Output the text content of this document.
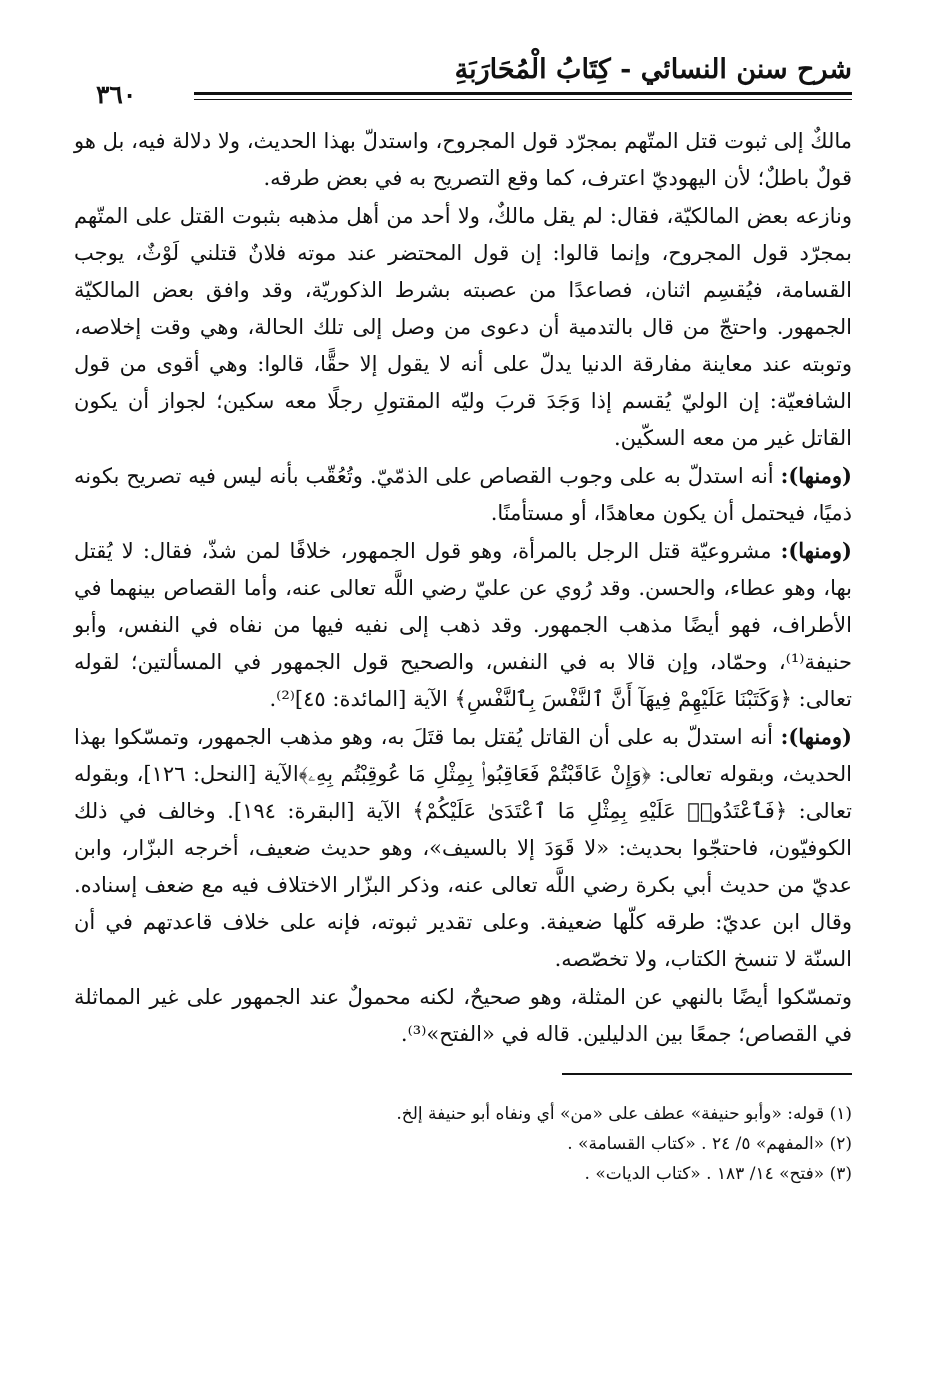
شرح سنن النسائي - كِتَابُ الْمُحَارَبَةِ
٣٦٠

مالكٌ إلى ثبوت قتل المتّهم بمجرّد قول المجروح، واستدلّ بهذا الحديث، ولا دلالة فيه، بل هو قولٌ باطلٌ؛ لأن اليهوديّ اعترف، كما وقع التصريح به في بعض طرقه.

ونازعه بعض المالكيّة، فقال: لم يقل مالكٌ، ولا أحد من أهل مذهبه بثبوت القتل على المتّهم بمجرّد قول المجروح، وإنما قالوا: إن قول المحتضر عند موته فلانٌ قتلني لَوْثٌ، يوجب القسامة، فيُقسِم اثنان، فصاعدًا من عصبته بشرط الذكوريّة، وقد وافق بعض المالكيّة الجمهور. واحتجّ من قال بالتدمية أن دعوى من وصل إلى تلك الحالة، وهي وقت إخلاصه، وتوبته عند معاينة مفارقة الدنيا يدلّ على أنه لا يقول إلا حقًّا، قالوا: وهي أقوى من قول الشافعيّة: إن الوليّ يُقسم إذا وَجَدَ قربَ وليّه المقتولِ رجلًا معه سكين؛ لجواز أن يكون القاتل غير من معه السكّين.

(ومنها): أنه استدلّ به على وجوب القصاص على الذمّيّ. وتُعُقّب بأنه ليس فيه تصريح بكونه ذميًا، فيحتمل أن يكون معاهدًا، أو مستأمنًا.

(ومنها): مشروعيّة قتل الرجل بالمرأة، وهو قول الجمهور، خلافًا لمن شذّ، فقال: لا يُقتل بها، وهو عطاء، والحسن. وقد رُوي عن عليّ رضي اللَّه تعالى عنه، وأما القصاص بينهما في الأطراف، فهو أيضًا مذهب الجمهور. وقد ذهب إلى نفيه فيها من نفاه في النفس، وأبو حنيفة⁽¹⁾، وحمّاد، وإن قالا به في النفس، والصحيح قول الجمهور في المسألتين؛ لقوله تعالى: ﴿وَكَتَبْنَا عَلَيْهِمْ فِيهَآ أَنَّ ٱلنَّفْسَ بِٱلنَّفْسِ﴾ الآية [المائدة: ٤٥]⁽²⁾.

(ومنها): أنه استدلّ به على أن القاتل يُقتل بما قتَلَ به، وهو مذهب الجمهور، وتمسّكوا بهذا الحديث، وبقوله تعالى: ﴿وَإِنْ عَاقَبْتُمْ فَعَاقِبُوا۟ بِمِثْلِ مَا عُوقِبْتُم بِهِۦ﴾الآية [النحل: ١٢٦]، وبقوله تعالى: ﴿فَٱعْتَدُوا۟ عَلَيْهِ بِمِثْلِ مَا ٱعْتَدَىٰ عَلَيْكُمْ﴾ الآية [البقرة: ١٩٤]. وخالف في ذلك الكوفيّون، فاحتجّوا بحديث: «لا قَوَدَ إلا بالسيف»، وهو حديث ضعيف، أخرجه البزّار، وابن عديّ من حديث أبي بكرة رضي اللَّه تعالى عنه، وذكر البزّار الاختلاف فيه مع ضعف إسناده. وقال ابن عديّ: طرقه كلّها ضعيفة. وعلى تقدير ثبوته، فإنه على خلاف قاعدتهم في أن السنّة لا تنسخ الكتاب، ولا تخصّصه.

وتمسّكوا أيضًا بالنهي عن المثلة، وهو صحيحٌ، لكنه محمولٌ عند الجمهور على غير المماثلة في القصاص؛ جمعًا بين الدليلين. قاله في «الفتح»⁽³⁾.

(١) قوله: «وأبو حنيفة» عطف على «من» أي ونفاه أبو حنيفة إلخ.

(٢) «المفهم» ٥/ ٢٤ . «كتاب القسامة» .

(٣) «فتح» ١٤/ ١٨٣ . «كتاب الديات» .
